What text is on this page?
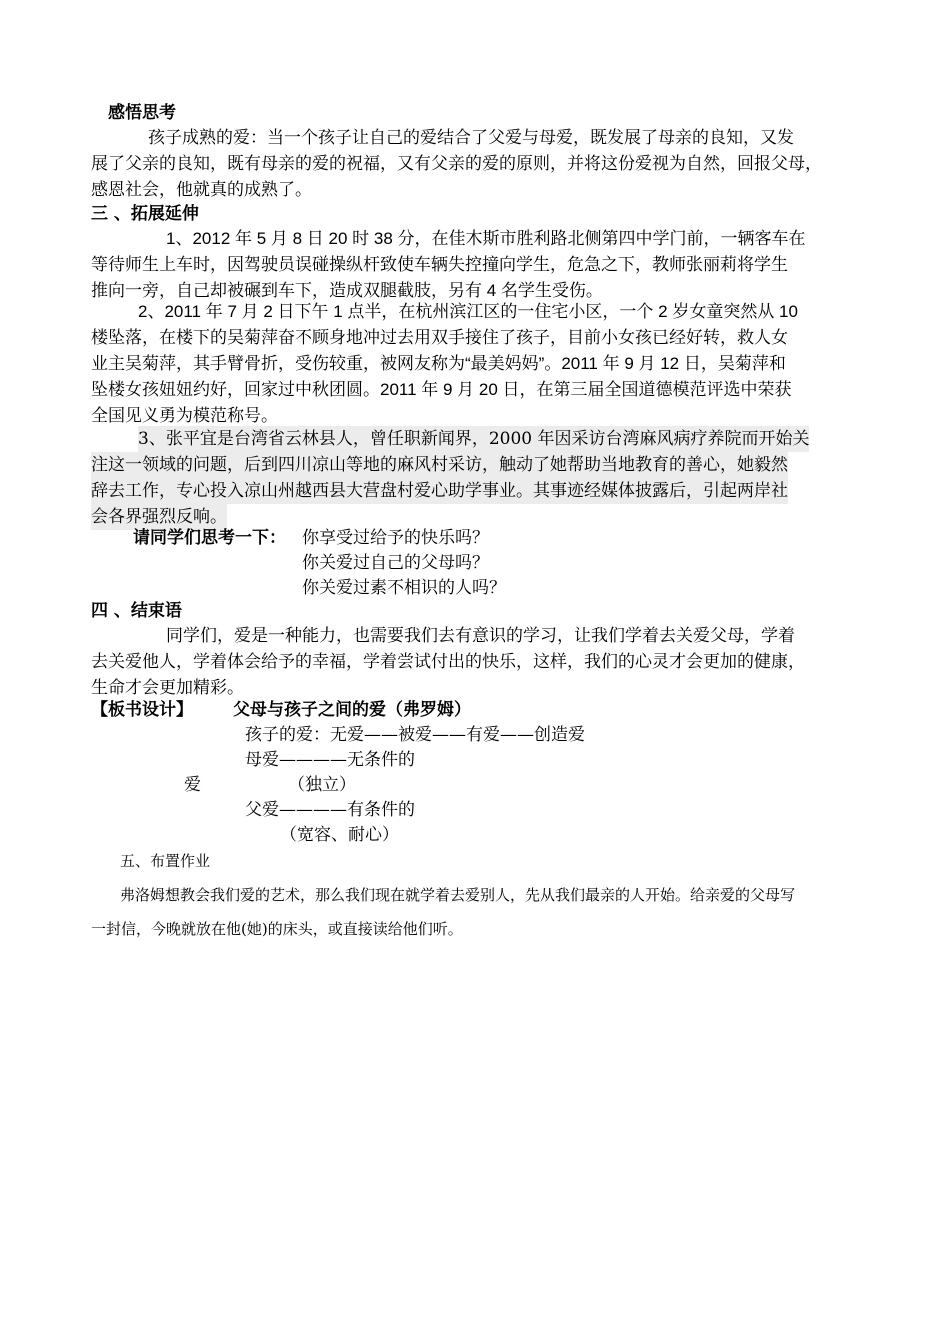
感悟思考
孩子成熟的爱：当一个孩子让自己的爱结合了父爱与母爱，既发展了母亲的良知，又发
展了父亲的良知，既有母亲的爱的祝福，又有父亲的爱的原则，并将这份爱视为自然，回报父母，
感恩社会，他就真的成熟了。
三 、拓展延伸
1、2012 年 5 月 8 日 20 时 38 分，在佳木斯市胜利路北侧第四中学门前，一辆客车在
等待师生上车时，因驾驶员误碰操纵杆致使车辆失控撞向学生，危急之下，教师张丽莉将学生
推向一旁，自己却被碾到车下，造成双腿截肢，另有 4 名学生受伤。
2、2011 年 7 月 2 日下午 1 点半，在杭州滨江区的一住宅小区，一个 2 岁女童突然从 10
楼坠落，在楼下的吴菊萍奋不顾身地冲过去用双手接住了孩子，目前小女孩已经好转，救人女
业主吴菊萍，其手臂骨折，受伤较重，被网友称为“最美妈妈”。2011 年 9 月 12 日，吴菊萍和
坠楼女孩妞妞约好，回家过中秋团圆。2011 年 9 月 20 日，在第三届全国道德模范评选中荣获
全国见义勇为模范称号。
3、张平宜是台湾省云林县人，曾任职新闻界，2000 年因采访台湾麻风病疗养院而开始关
注这一领域的问题，后到四川凉山等地的麻风村采访，触动了她帮助当地教育的善心，她毅然
辞去工作，专心投入凉山州越西县大营盘村爱心助学事业。其事迹经媒体披露后，引起两岸社
会各界强烈反响。
请同学们思考一下： 你享受过给予的快乐吗？
你关爱过自己的父母吗？
你关爱过素不相识的人吗？
四 、结束语
同学们，爱是一种能力，也需要我们去有意识的学习，让我们学着去关爱父母，学着
去关爱他人，学着体会给予的幸福，学着尝试付出的快乐，这样，我们的心灵才会更加的健康，
生命才会更加精彩。
【板书设计】 父母与孩子之间的爱（弗罗姆）
孩子的爱：无爱——被爱——有爱——创造爱
母爱————无条件的
爱	（独立）
父爱————有条件的
（宽容、耐心）
五、布置作业
弗洛姆想教会我们爱的艺术，那么我们现在就学着去爱别人，先从我们最亲的人开始。给亲爱的父母写
一封信，今晚就放在他(她)的床头，或直接读给他们听。
